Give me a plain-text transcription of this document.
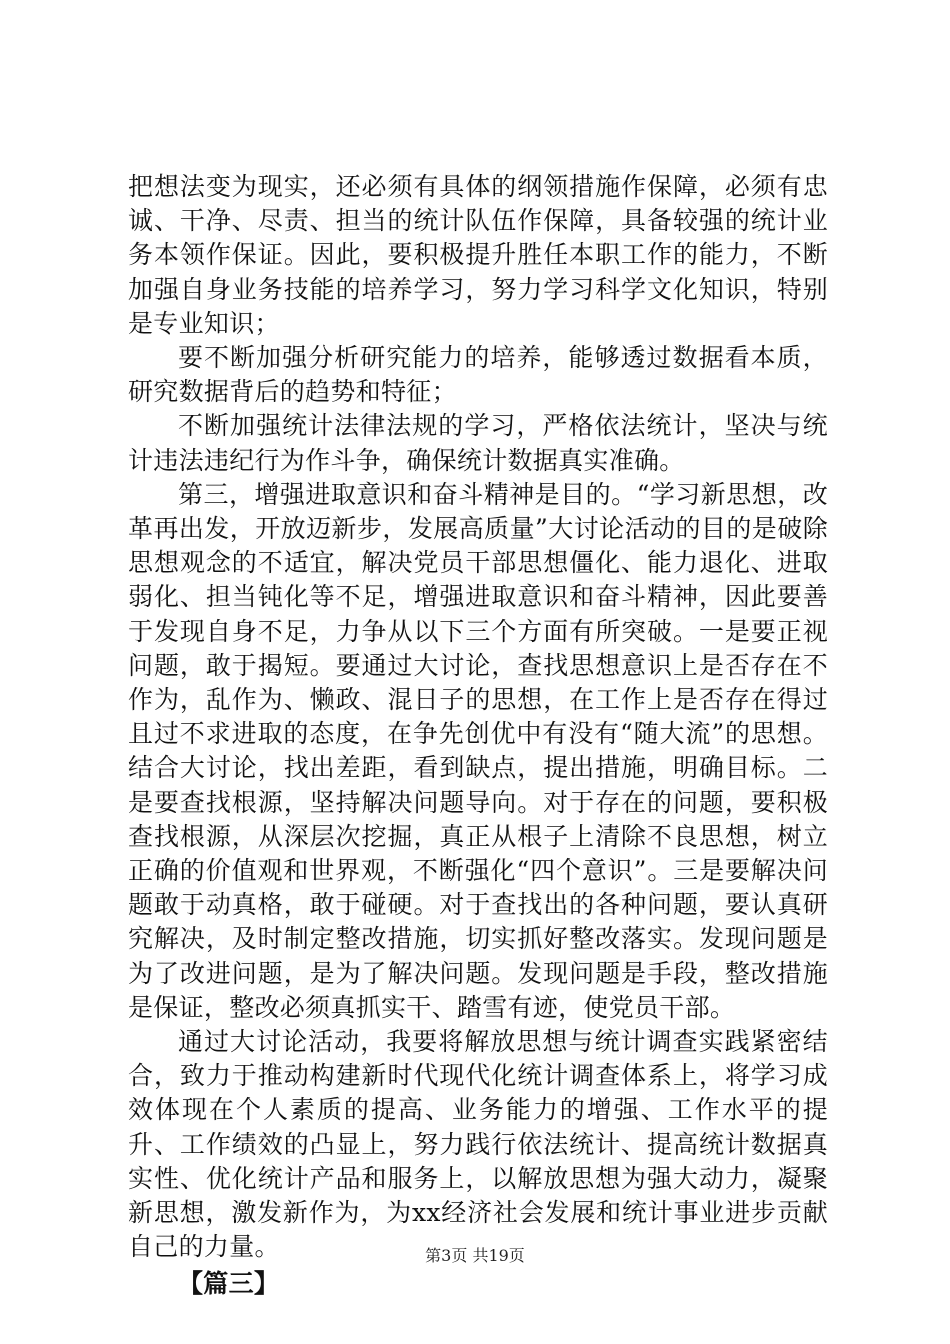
把想法变为现实，还必须有具体的纲领措施作保障，必须有忠诚、干净、尽责、担当的统计队伍作保障，具备较强的统计业务本领作保证。因此，要积极提升胜任本职工作的能力，不断加强自身业务技能的培养学习，努力学习科学文化知识，特别是专业知识；

要不断加强分析研究能力的培养，能够透过数据看本质，研究数据背后的趋势和特征；

不断加强统计法律法规的学习，严格依法统计，坚决与统计违法违纪行为作斗争，确保统计数据真实准确。

第三，增强进取意识和奋斗精神是目的。“学习新思想，改革再出发，开放迈新步，发展高质量”大讨论活动的目的是破除思想观念的不适宜，解决党员干部思想僵化、能力退化、进取弱化、担当钝化等不足，增强进取意识和奋斗精神，因此要善于发现自身不足，力争从以下三个方面有所突破。一是要正视问题，敢于揭短。要通过大讨论，查找思想意识上是否存在不作为，乱作为、懒政、混日子的思想，在工作上是否存在得过且过不求进取的态度，在争先创优中有没有“随大流”的思想。结合大讨论，找出差距，看到缺点，提出措施，明确目标。二是要查找根源，坚持解决问题导向。对于存在的问题，要积极查找根源，从深层次挖掘，真正从根子上清除不良思想，树立正确的价值观和世界观，不断强化“四个意识”。三是要解决问题敢于动真格，敢于碰硬。对于查找出的各种问题，要认真研究解决，及时制定整改措施，切实抓好整改落实。发现问题是为了改进问题，是为了解决问题。发现问题是手段，整改措施是保证，整改必须真抓实干、踏雪有迹，使党员干部。

通过大讨论活动，我要将解放思想与统计调查实践紧密结合，致力于推动构建新时代现代化统计调查体系上，将学习成效体现在个人素质的提高、业务能力的增强、工作水平的提升、工作绩效的凸显上，努力践行依法统计、提高统计数据真实性、优化统计产品和服务上，以解放思想为强大动力，凝聚新思想，激发新作为，为xx经济社会发展和统计事业进步贡献自己的力量。

【篇三】

第3页 共19页
